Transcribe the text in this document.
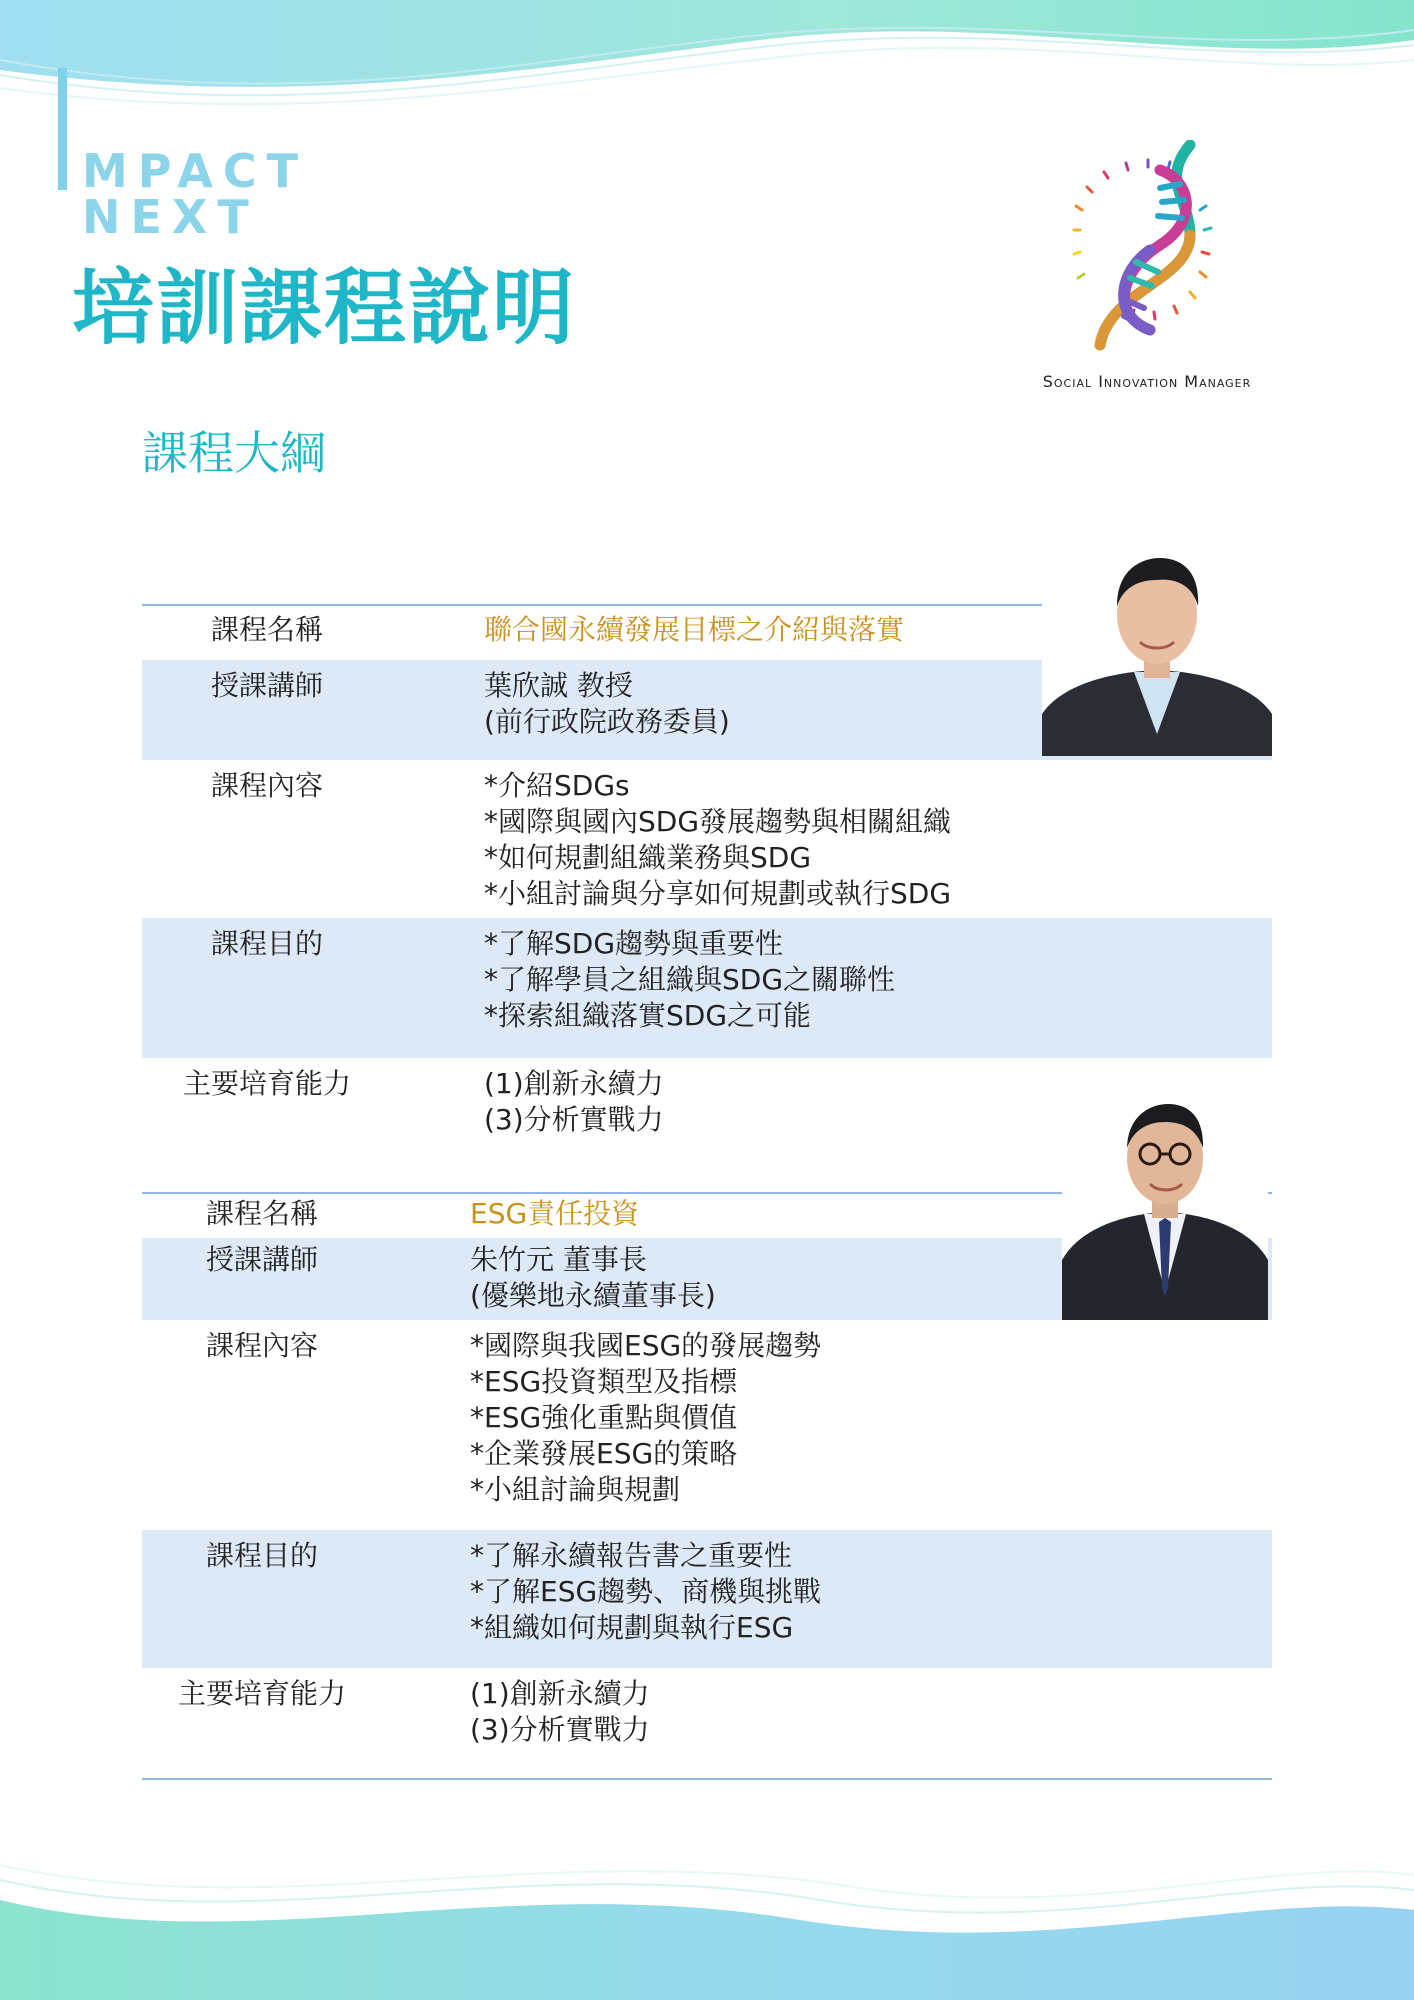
MPACT NEXT
培訓課程說明
課程大綱
Social Innovation Manager
課程名稱	聯合國永續發展目標之介紹與落實
授課講師	葉欣誠 教授
(前行政院政務委員)
課程內容	*介紹SDGs
*國際與國內SDG發展趨勢與相關組織
*如何規劃組織業務與SDG
*小組討論與分享如何規劃或執行SDG
課程目的	*了解SDG趨勢與重要性
*了解學員之組織與SDG之關聯性
*探索組織落實SDG之可能
主要培育能力	(1)創新永續力
(3)分析實戰力
課程名稱	ESG責任投資
授課講師	朱竹元 董事長
(優樂地永續董事長)
課程內容	*國際與我國ESG的發展趨勢
*ESG投資類型及指標
*ESG強化重點與價值
*企業發展ESG的策略
*小組討論與規劃
課程目的	*了解永續報告書之重要性
*了解ESG趨勢、商機與挑戰
*組織如何規劃與執行ESG
主要培育能力	(1)創新永續力
(3)分析實戰力
